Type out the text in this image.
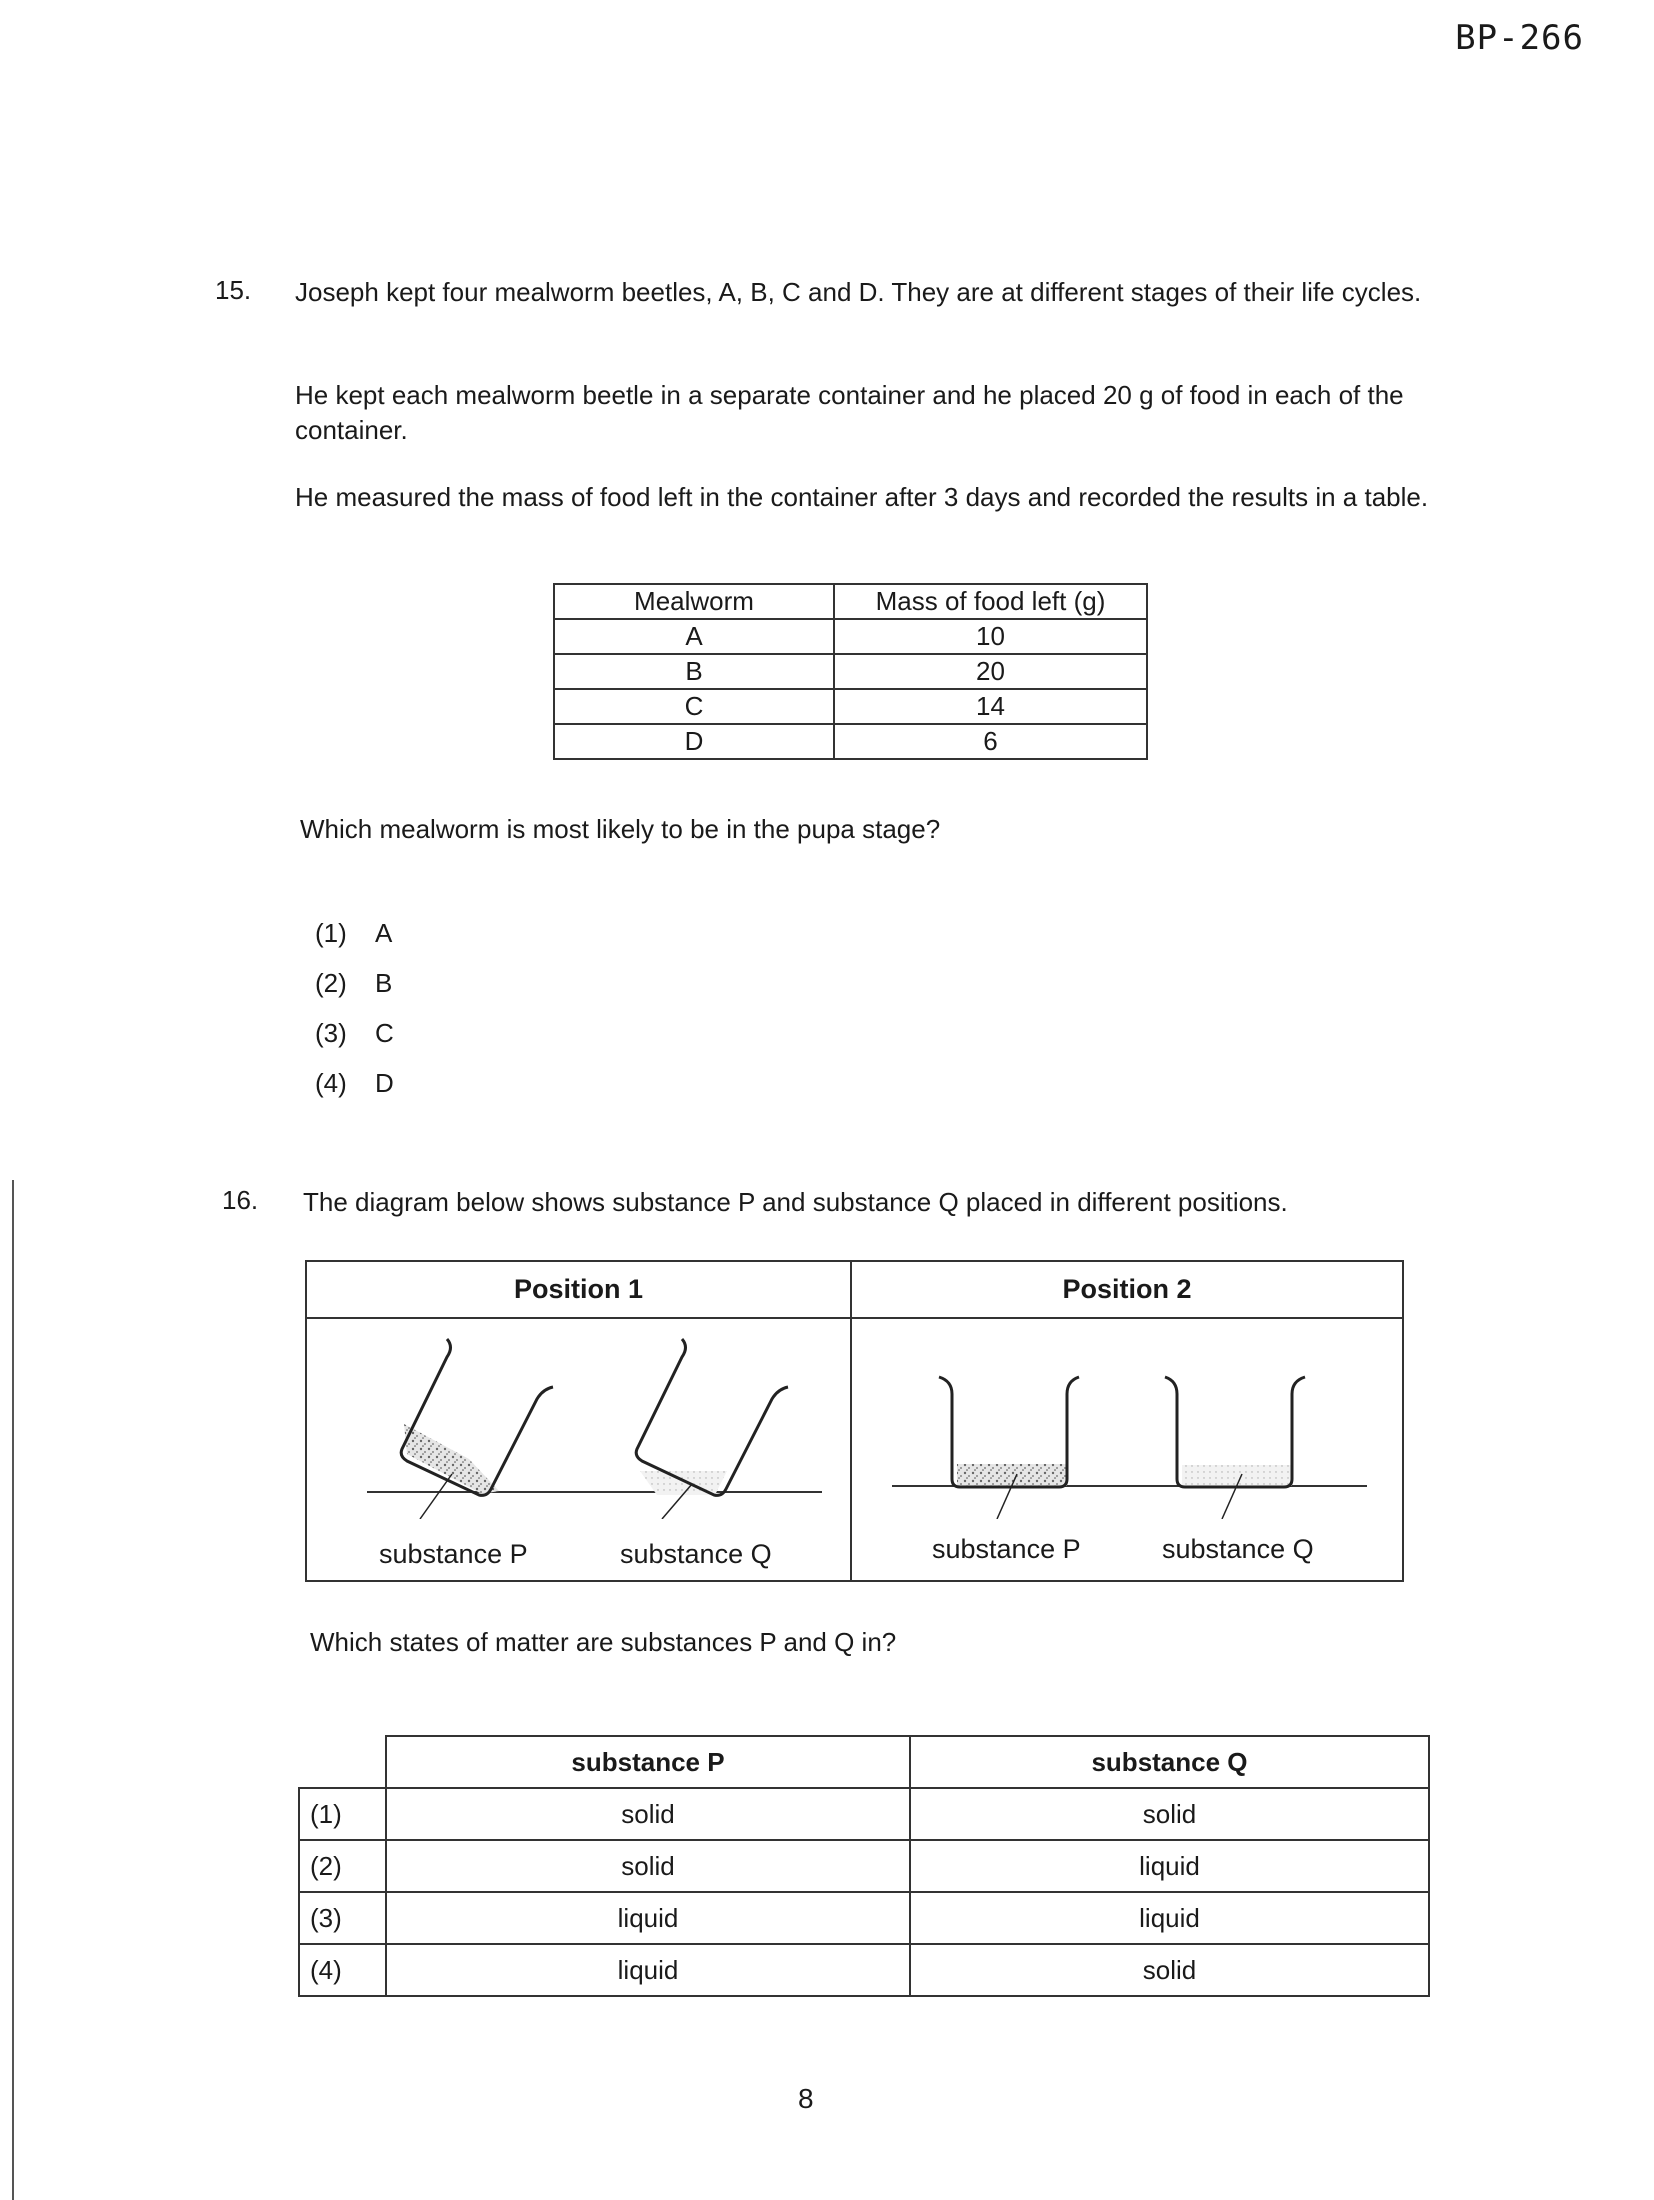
BP-266
15. Joseph kept four mealworm beetles, A, B, C and D. They are at different stages of their life cycles.
He kept each mealworm beetle in a separate container and he placed 20 g of food in each of the container.
He measured the mass of food left in the container after 3 days and recorded the results in a table.
Mealworm	Mass of food left (g)
A	10
B	20
C	14
D	6
Which mealworm is most likely to be in the pupa stage?
(1) A
(2) B
(3) C
(4) D
16. The diagram below shows substance P and substance Q placed in different positions.
Position 1	Position 2
substance P	substance Q	substance P	substance Q
Which states of matter are substances P and Q in?
	substance P	substance Q
(1)	solid	solid
(2)	solid	liquid
(3)	liquid	liquid
(4)	liquid	solid
8
